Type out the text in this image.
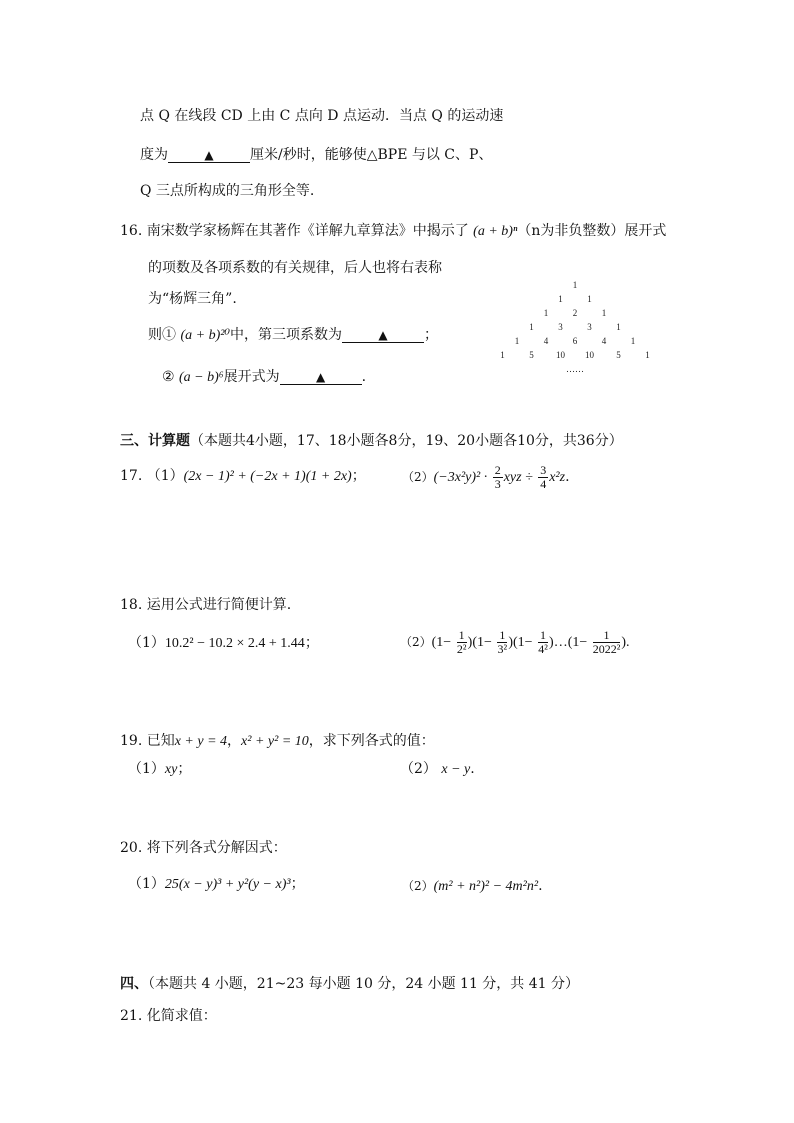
点 Q 在线段 CD 上由 C 点向 D 点运动．当点 Q 的运动速
度为	▲	厘米/秒时，能够使△BPE 与以 C、P、
Q 三点所构成的三角形全等.
16. 南宋数学家杨辉在其著作《详解九章算法》中揭示了 (a + b)ⁿ（n为非负整数）展开式
的项数及各项系数的有关规律，后人也将右表称
为“杨辉三角”.
则① (a + b)²⁰中，第三项系数为	▲	；
② (a − b)⁶展开式为	▲	.
1
1	1
1	2	1
1	3	3	1
1	4	6	4	1
1	5	10	10	5	1
……
三、计算题（本题共4小题，17、18小题各8分，19、20小题各10分，共36分）
17. （1）(2x − 1)² + (−2x + 1)(1 + 2x)；	$(2)(-3x^2y)^2 \cdot \frac{2}{3}$ xyz ÷ $\frac{3}{4} x^2z$.
18. 运用公式进行简便计算.
（1）10.2² − 10.2 × 2.4 + 1.44；	$(2)(1- \frac{1}{\text{2²}} )(1- \frac{1}{\text{3²}} )(1- \frac{1}{\text{4²}}$ )…(1− $\frac{1}{\text{2022²}}$ ).
19. 已知x + y = 4，x² + y² = 10，求下列各式的值：
（1）xy；	（2） x − y.
20. 将下列各式分解因式：
（1）25(x − y)³ + y²(y − x)³；	（2）(m² + n²)² − 4m²n².
四、（本题共 4 小题，21~23 每小题 10 分，24 小题 11 分，共 41 分）
21. 化简求值：
